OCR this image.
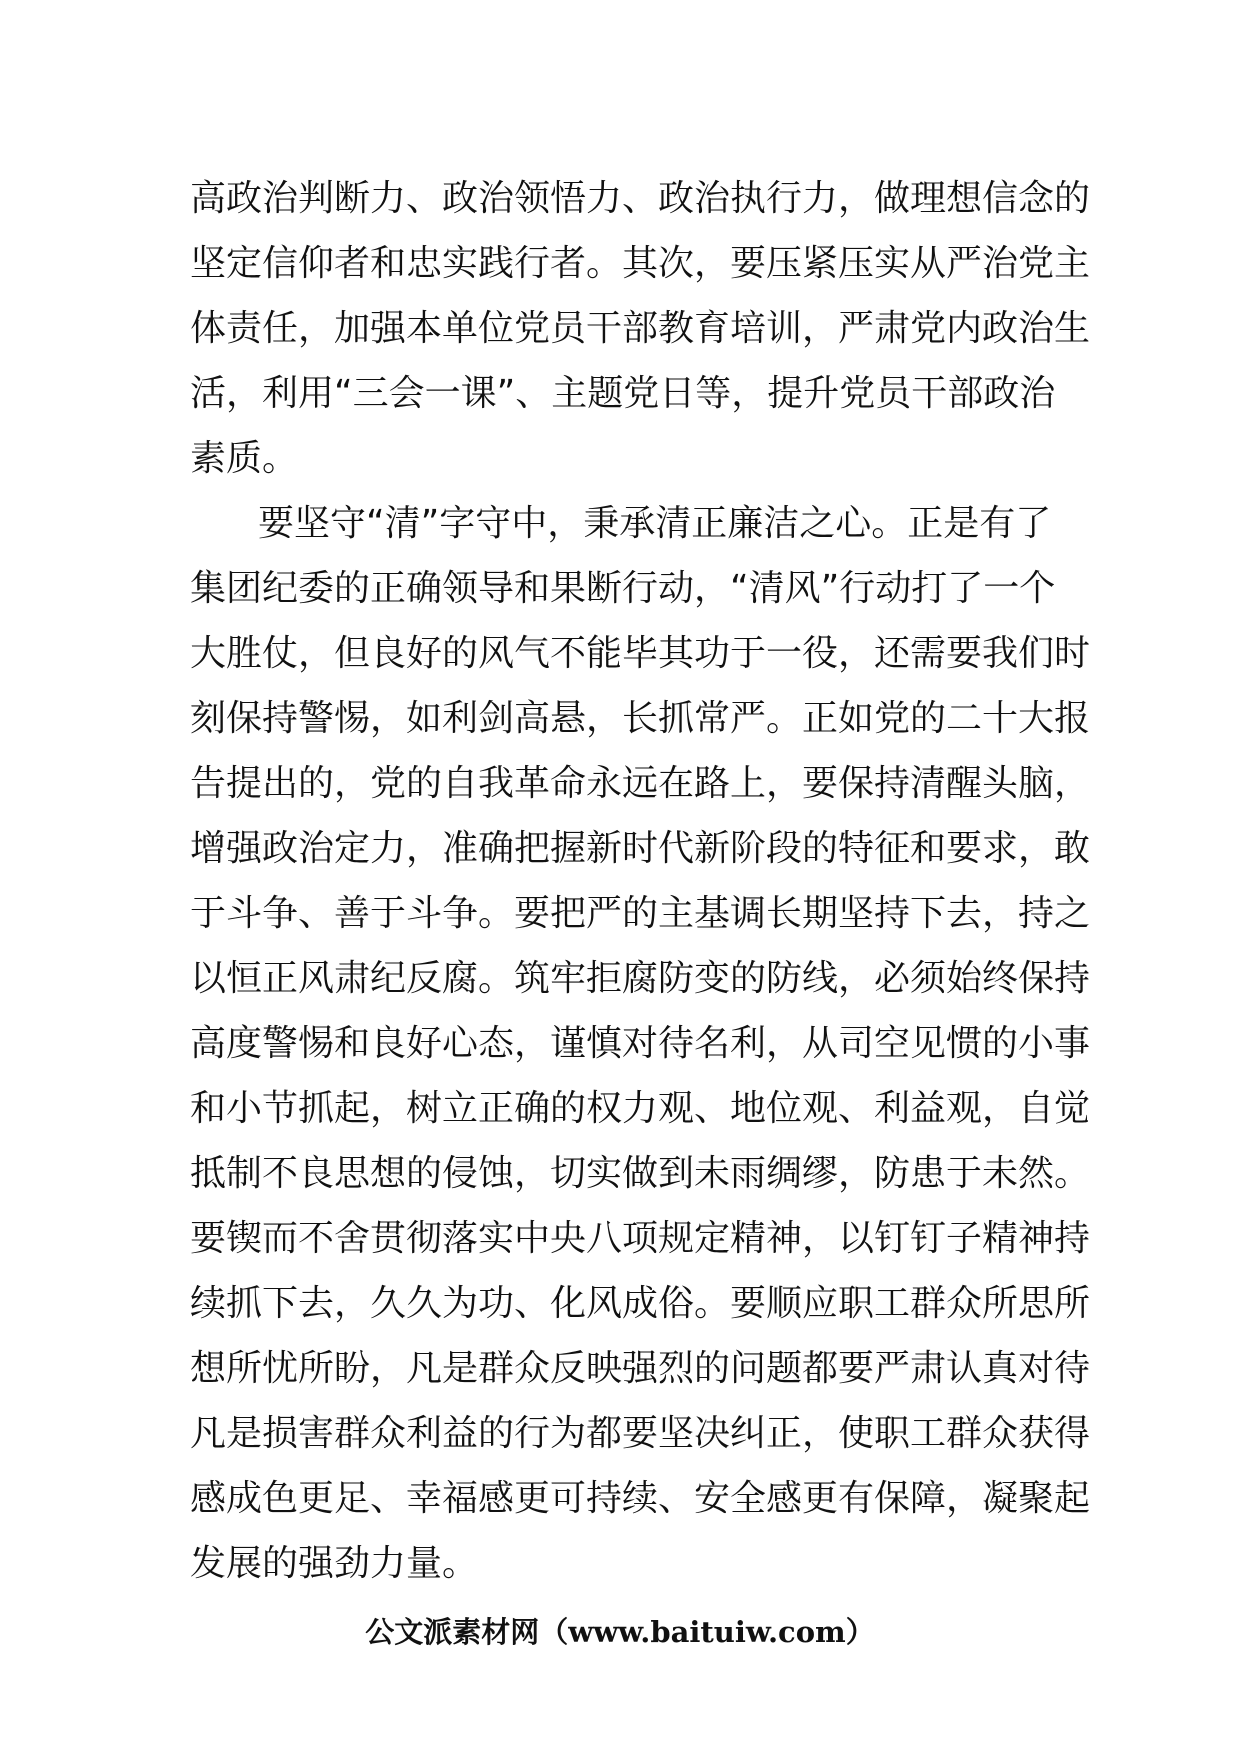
高政治判断力、政治领悟力、政治执行力，做理想信念的
坚定信仰者和忠实践行者。其次，要压紧压实从严治党主
体责任，加强本单位党员干部教育培训，严肃党内政治生
活，利用“三会一课”、主题党日等，提升党员干部政治
素质。
要坚守“清”字守中，秉承清正廉洁之心。正是有了
集团纪委的正确领导和果断行动，“清风”行动打了一个
大胜仗，但良好的风气不能毕其功于一役，还需要我们时
刻保持警惕，如利剑高悬，长抓常严。正如党的二十大报
告提出的，党的自我革命永远在路上，要保持清醒头脑，
增强政治定力，准确把握新时代新阶段的特征和要求，敢
于斗争、善于斗争。要把严的主基调长期坚持下去，持之
以恒正风肃纪反腐。筑牢拒腐防变的防线，必须始终保持
高度警惕和良好心态，谨慎对待名利，从司空见惯的小事
和小节抓起，树立正确的权力观、地位观、利益观，自觉
抵制不良思想的侵蚀，切实做到未雨绸缪，防患于未然。
要锲而不舍贯彻落实中央八项规定精神，以钉钉子精神持
续抓下去，久久为功、化风成俗。要顺应职工群众所思所
想所忧所盼，凡是群众反映强烈的问题都要严肃认真对待
凡是损害群众利益的行为都要坚决纠正，使职工群众获得
感成色更足、幸福感更可持续、安全感更有保障，凝聚起
发展的强劲力量。
公文派素材网（www.baituiw.com）
